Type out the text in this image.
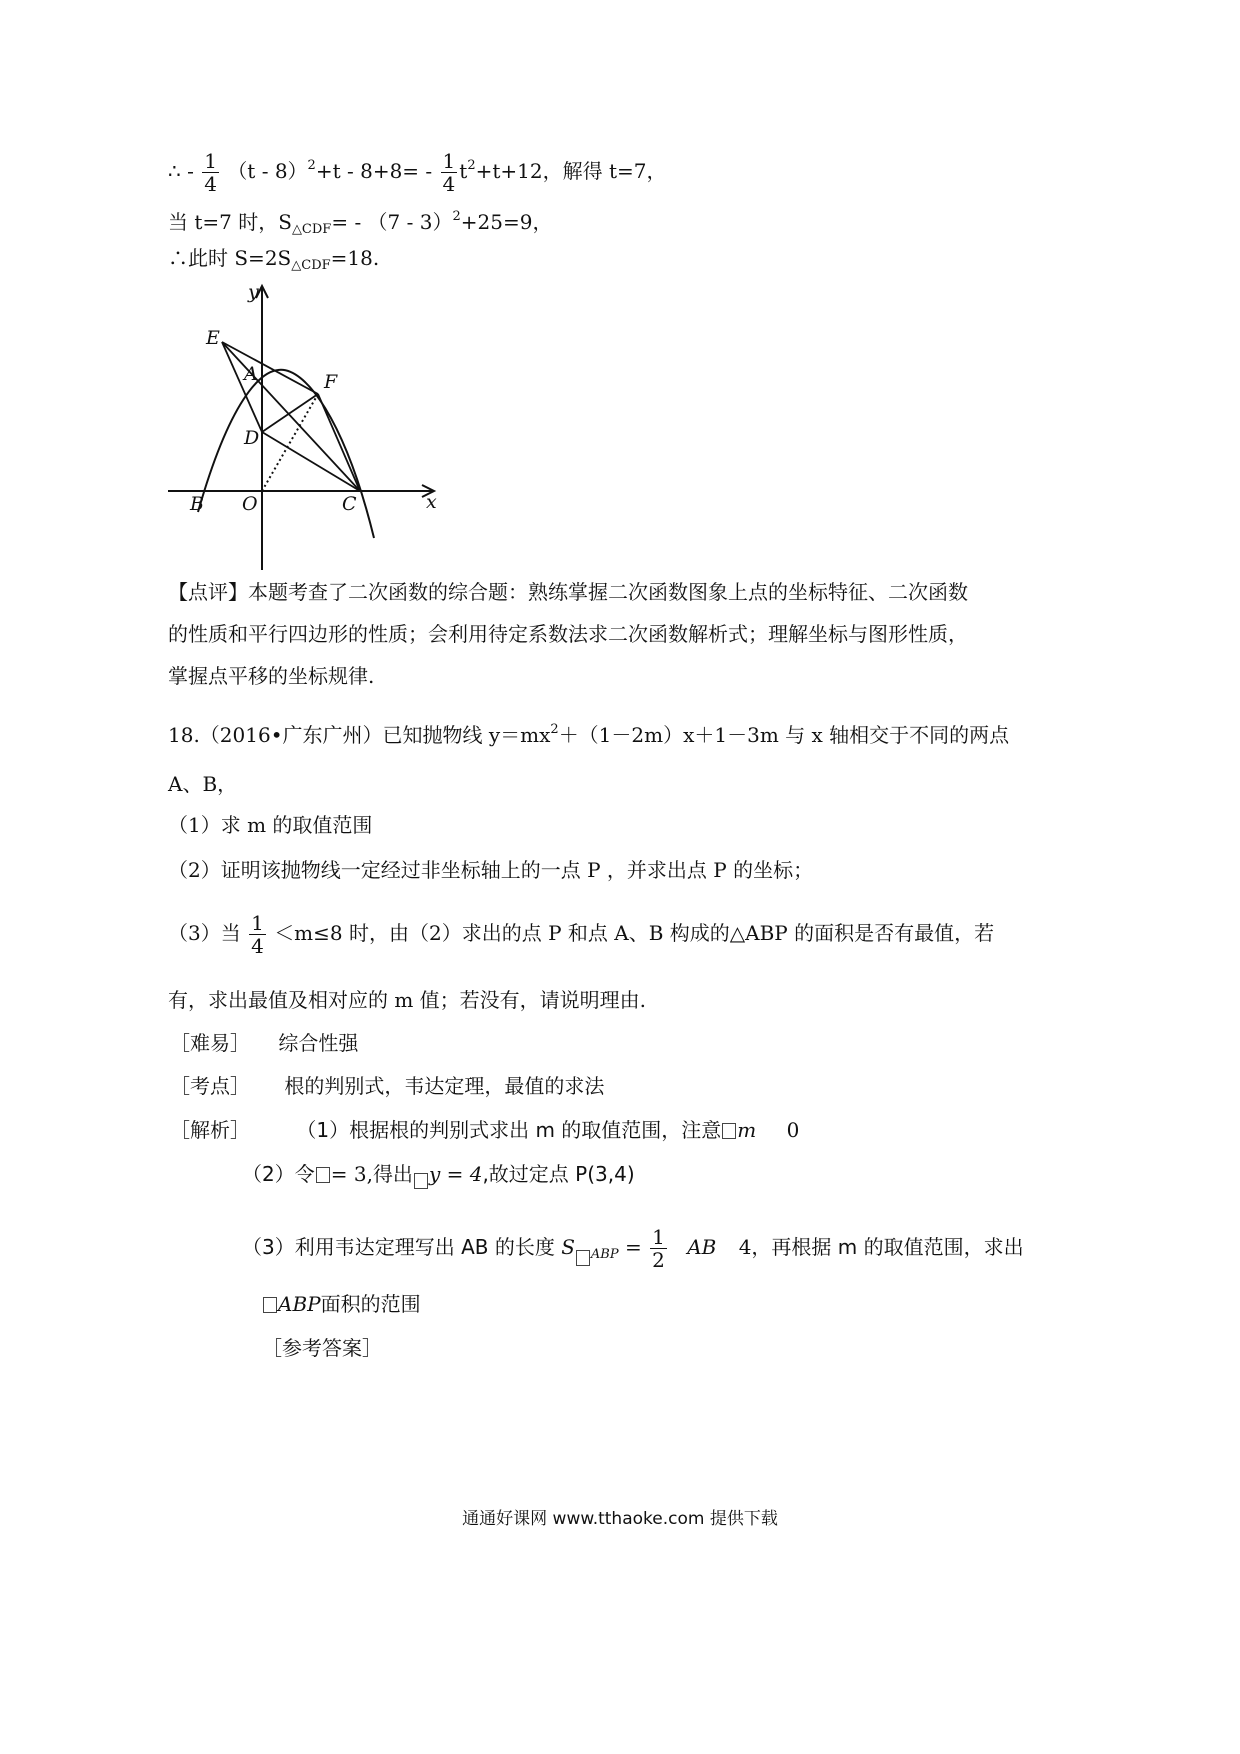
∴ - $\frac{1}{4} (t - 8)^2+t - 8+8= - \frac{1}{4} t^2+t+12$，解得 t=7，
当 t=7 时，$S_{\triangle CDF}= - (7 - 3)^2+25=9$，
∴此时 $S=2S_{\triangle CDF}=18$.
y
x
E
A	F
D
B O	C
【点评】本题考查了二次函数的综合题：熟练掌握二次函数图象上点的坐标特征、二次函数
的性质和平行四边形的性质；会利用待定系数法求二次函数解析式；理解坐标与图形性质，
掌握点平移的坐标规律.
18.（2016•广东广州）已知抛物线 $y=mx^2+(1-2m)x+1-3m$ 与 x 轴相交于不同的两点
A、B，
（1）求 m 的取值范围
（2）证明该抛物线一定经过非坐标轴上的一点 P ，并求出点 P 的坐标；
（3）当 $\frac{1}{4} <m\le 8$ 时，由（2）求出的点 P 和点 A、B 构成的△ABP 的面积是否有最值，若
有，求出最值及相对应的 m 值；若没有，请说明理由.
［难易］ 综合性强
［考点］ 根的判别式，韦达定理，最值的求法
［解析］ （1）根据根的判别式求出 m 的取值范围，注意 m 0
（2）令 = 3,得出 y = 4,故过定点 P(3,4)
（3）利用韦达定理写出 AB 的长度 S $_{ABP} = \frac{1}{2}$ AB 4，再根据 m 的取值范围，求出
ABP面积的范围
［参考答案］
通通好课网 www.tthaoke.com 提供下载
